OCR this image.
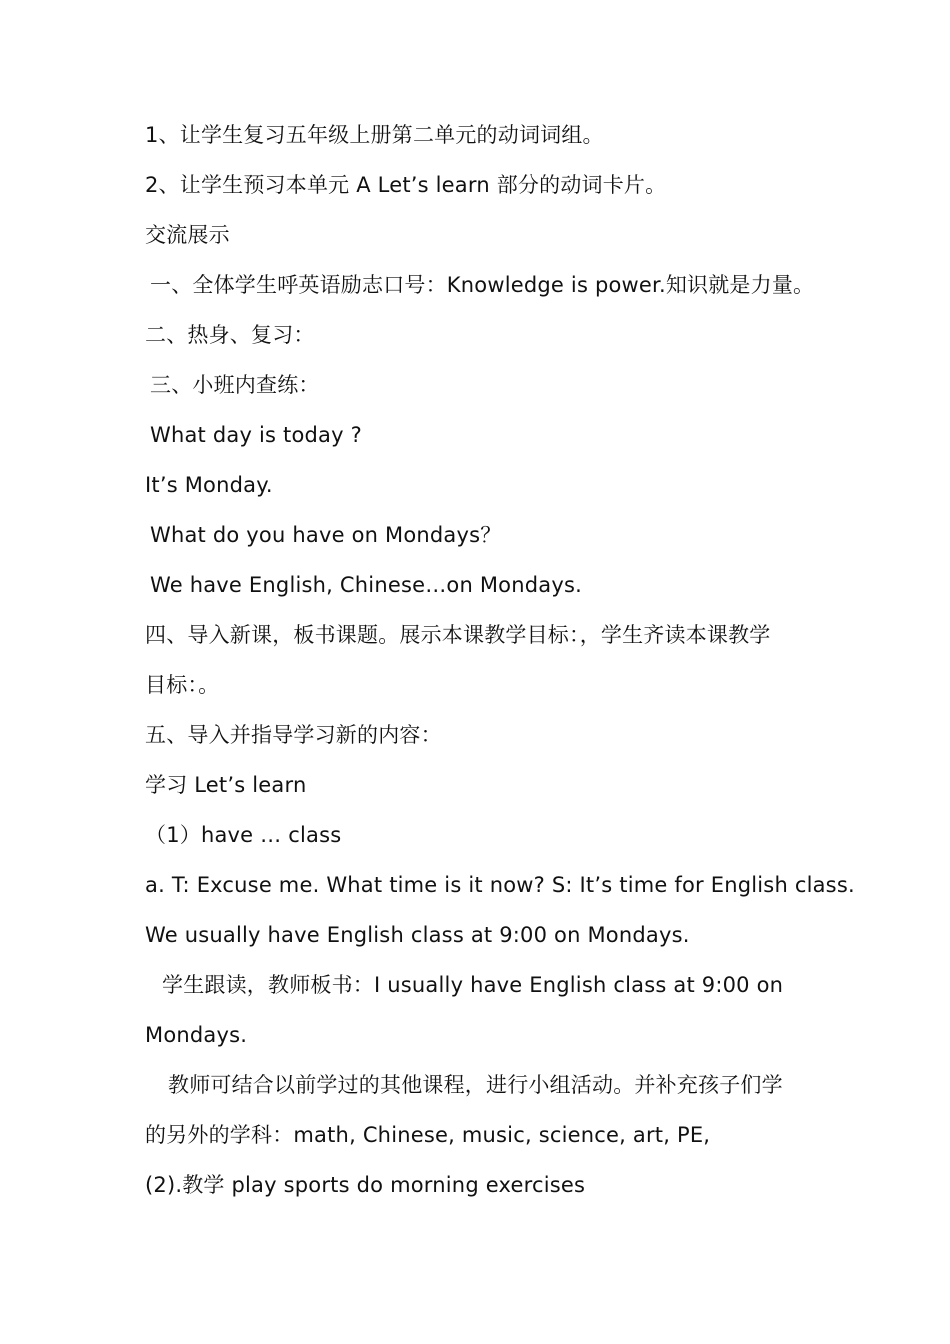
1、让学生复习五年级上册第二单元的动词词组。
2、让学生预习本单元 A Let’s learn 部分的动词卡片。
交流展示
一、全体学生呼英语励志口号：Knowledge is power.知识就是力量。
二、热身、复习：
三、小班内查练：
What day is today ?
It’s Monday.
What do you have on Mondays？
We have English, Chinese…on Mondays.
四、导入新课，板书课题。展示本课教学目标：，学生齐读本课教学
目标：。
五、导入并指导学习新的内容：
学习 Let’s learn
（1）have … class
a. T: Excuse me. What time is it now? S: It’s time for English class.
We usually have English class at 9:00 on Mondays.
学生跟读，教师板书：I usually have English class at 9:00 on
Mondays.
教师可结合以前学过的其他课程，进行小组活动。并补充孩子们学
的另外的学科：math, Chinese, music, science, art, PE,
(2).教学 play sports do morning exercises
